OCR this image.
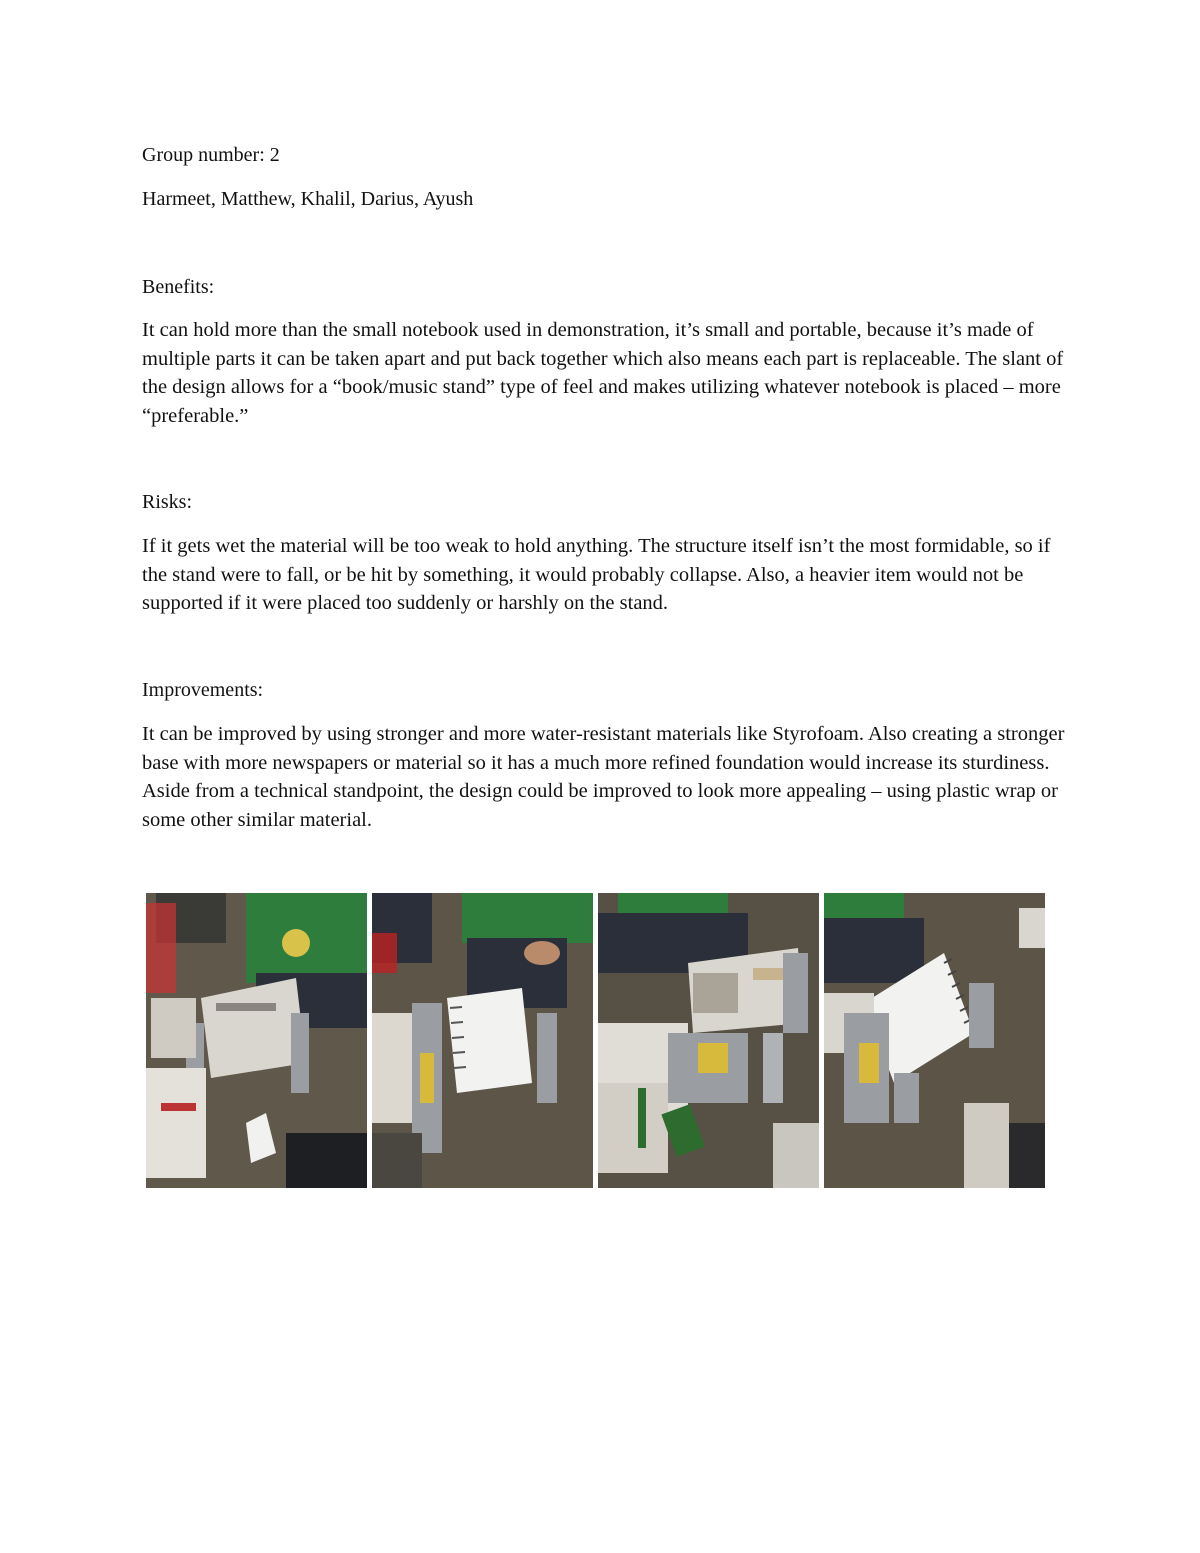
Group number: 2

Harmeet, Matthew, Khalil, Darius, Ayush

Benefits:

It can hold more than the small notebook used in demonstration, it’s small and portable, because it’s made of multiple parts it can be taken apart and put back together which also means each part is replaceable. The slant of the design allows for a “book/music stand” type of feel and makes utilizing whatever notebook is placed – more “preferable.”

Risks:

If it gets wet the material will be too weak to hold anything. The structure itself isn’t the most formidable, so if the stand were to fall, or be hit by something, it would probably collapse. Also, a heavier item would not be supported if it were placed too suddenly or harshly on the stand.

Improvements:

It can be improved by using stronger and more water-resistant materials like Styrofoam. Also creating a stronger base with more newspapers or material so it has a much more refined foundation would increase its sturdiness. Aside from a technical standpoint, the design could be improved to look more appealing – using plastic wrap or some other similar material.
